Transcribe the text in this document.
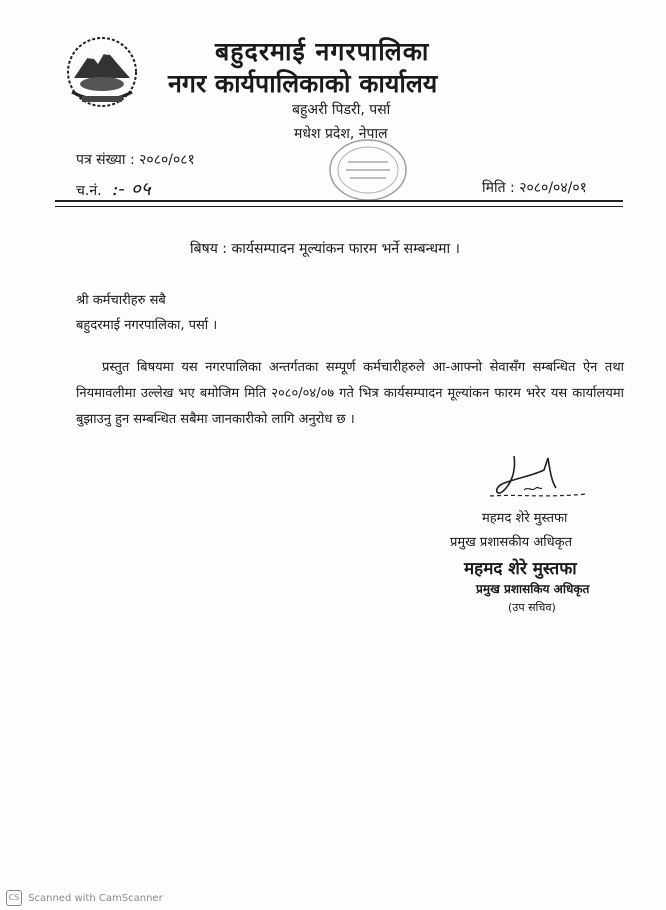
बहुदरमाई नगरपालिका
नगर कार्यपालिकाको कार्यालय
बहुअरी पिडरी, पर्सा
मधेश प्रदेश, नेपाल
पत्र संख्या : २०८०/०८१
च.नं. :- ०५	मिति : २०८०/०४/०१
बिषय : कार्यसम्पादन मूल्यांकन फारम भर्ने सम्बन्धमा ।
श्री कर्मचारीहरु सबै
बहुदरमाई नगरपालिका, पर्सा ।
प्रस्तुत बिषयमा यस नगरपालिका अन्तर्गतका सम्पूर्ण कर्मचारीहरुले आ-आफ्नो सेवासँग सम्बन्धित ऐन तथा नियमावलीमा उल्लेख भए बमोजिम मिति २०८०/०४/०७ गते भित्र कार्यसम्पादन मूल्यांकन फारम भरेर यस कार्यालयमा बुझाउनु हुन सम्बन्धित सबैमा जानकारीको लागि अनुरोध छ ।
महमद शेरे मुस्तफा
प्रमुख प्रशासकीय अधिकृत
महमद शेरे मुस्तफा
प्रमुख प्रशासकिय अधिकृत
(उप सचिव)
CS Scanned with CamScanner
